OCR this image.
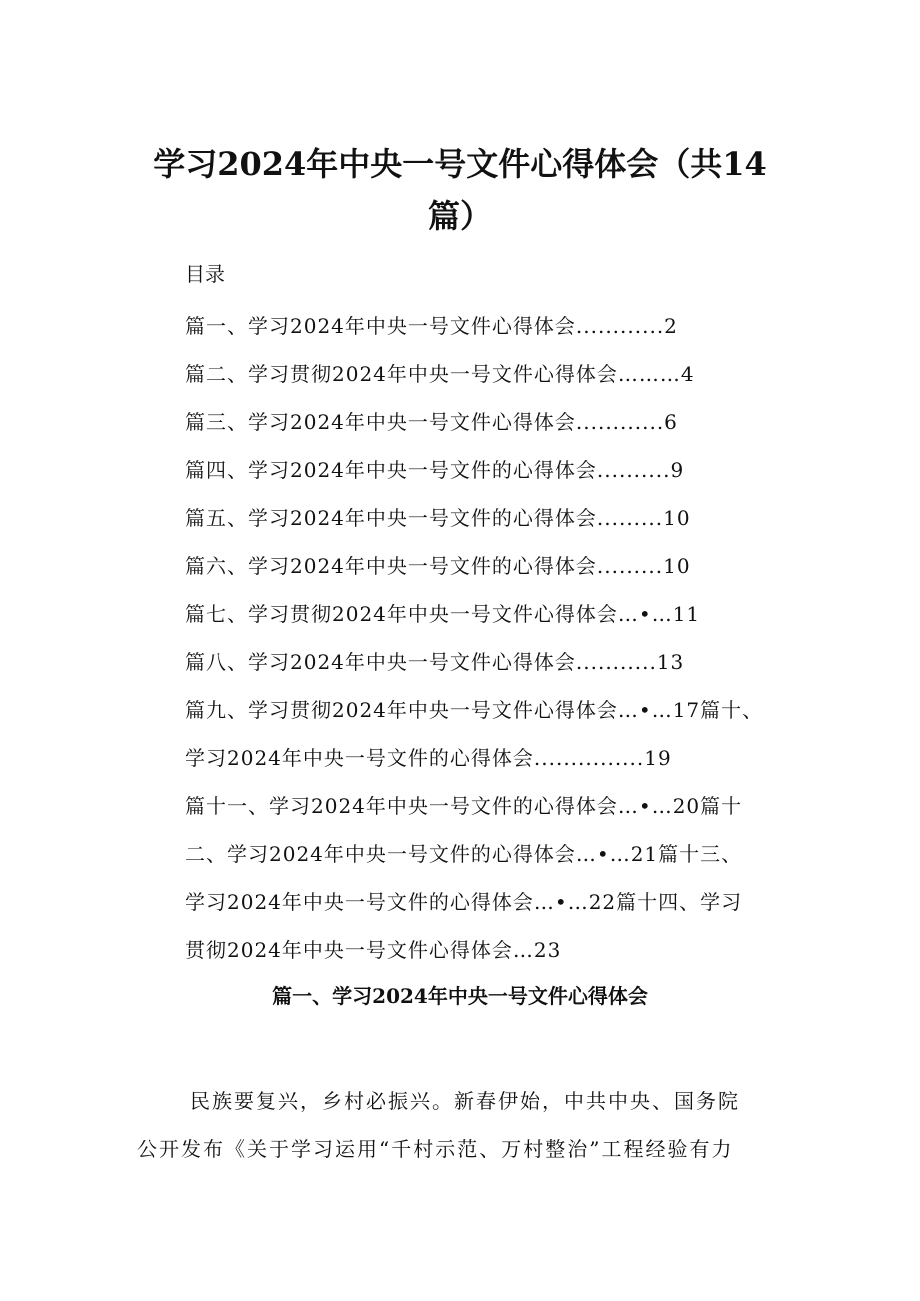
学习2024年中央一号文件心得体会（共14
篇）

目录

篇一、学习2024年中央一号文件心得体会............2

篇二、学习贯彻2024年中央一号文件心得体会………4

篇三、学习2024年中央一号文件心得体会............6

篇四、学习2024年中央一号文件的心得体会..........9

篇五、学习2024年中央一号文件的心得体会.........10

篇六、学习2024年中央一号文件的心得体会.........10

篇七、学习贯彻2024年中央一号文件心得体会…•…11

篇八、学习2024年中央一号文件心得体会...........13

篇九、学习贯彻2024年中央一号文件心得体会…•…17篇十、

学习2024年中央一号文件的心得体会...............19

篇十一、学习2024年中央一号文件的心得体会…•…20篇十

二、学习2024年中央一号文件的心得体会…•…21篇十三、

学习2024年中央一号文件的心得体会…•…22篇十四、学习

贯彻2024年中央一号文件心得体会…23

篇一、学习2024年中央一号文件心得体会

民族要复兴，乡村必振兴。新春伊始，中共中央、国务院

公开发布《关于学习运用“千村示范、万村整治”工程经验有力
